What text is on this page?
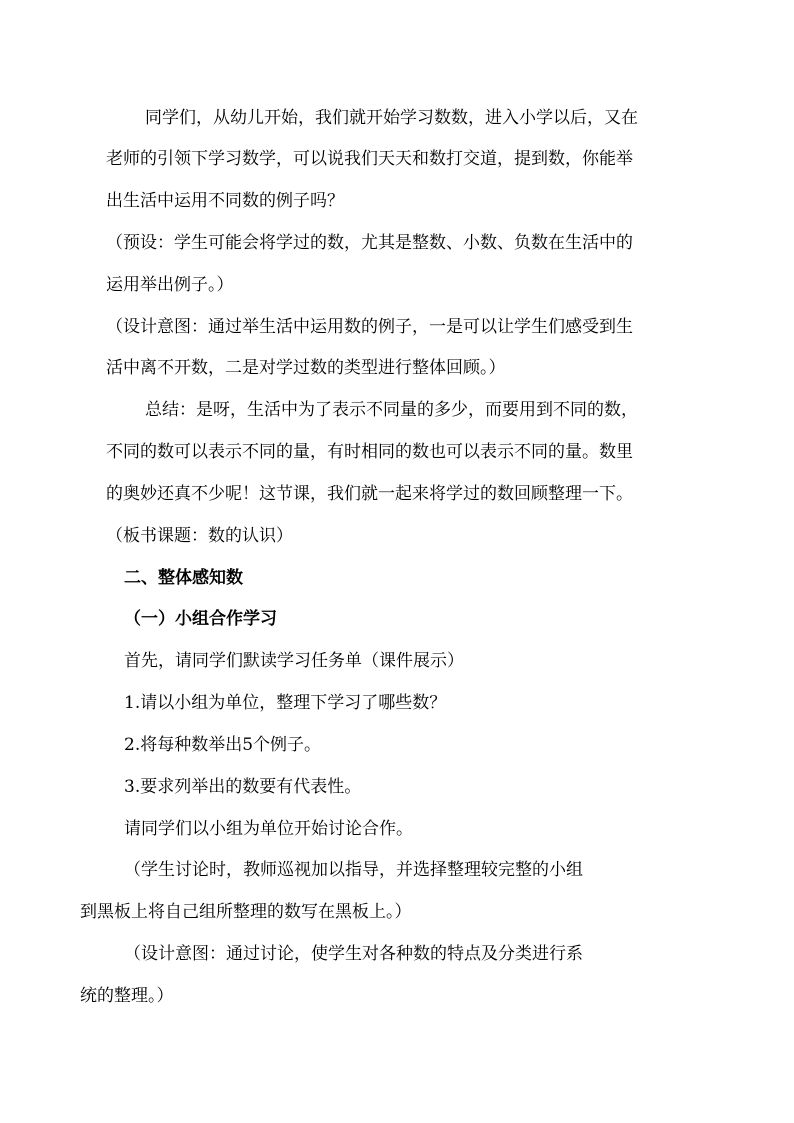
同学们，从幼儿开始，我们就开始学习数数，进入小学以后，又在
老师的引领下学习数学，可以说我们天天和数打交道，提到数，你能举
出生活中运用不同数的例子吗？
（预设：学生可能会将学过的数，尤其是整数、小数、负数在生活中的
运用举出例子。）
（设计意图：通过举生活中运用数的例子，一是可以让学生们感受到生
活中离不开数，二是对学过数的类型进行整体回顾。）
总结：是呀，生活中为了表示不同量的多少，而要用到不同的数，
不同的数可以表示不同的量，有时相同的数也可以表示不同的量。数里
的奥妙还真不少呢！这节课，我们就一起来将学过的数回顾整理一下。
（板书课题：数的认识）
二、整体感知数
（一）小组合作学习
首先，请同学们默读学习任务单（课件展示）
1.请以小组为单位，整理下学习了哪些数？
2.将每种数举出5个例子。
3.要求列举出的数要有代表性。
请同学们以小组为单位开始讨论合作。
（学生讨论时，教师巡视加以指导，并选择整理较完整的小组
到黑板上将自己组所整理的数写在黑板上。）
（设计意图：通过讨论，使学生对各种数的特点及分类进行系
统的整理。）
